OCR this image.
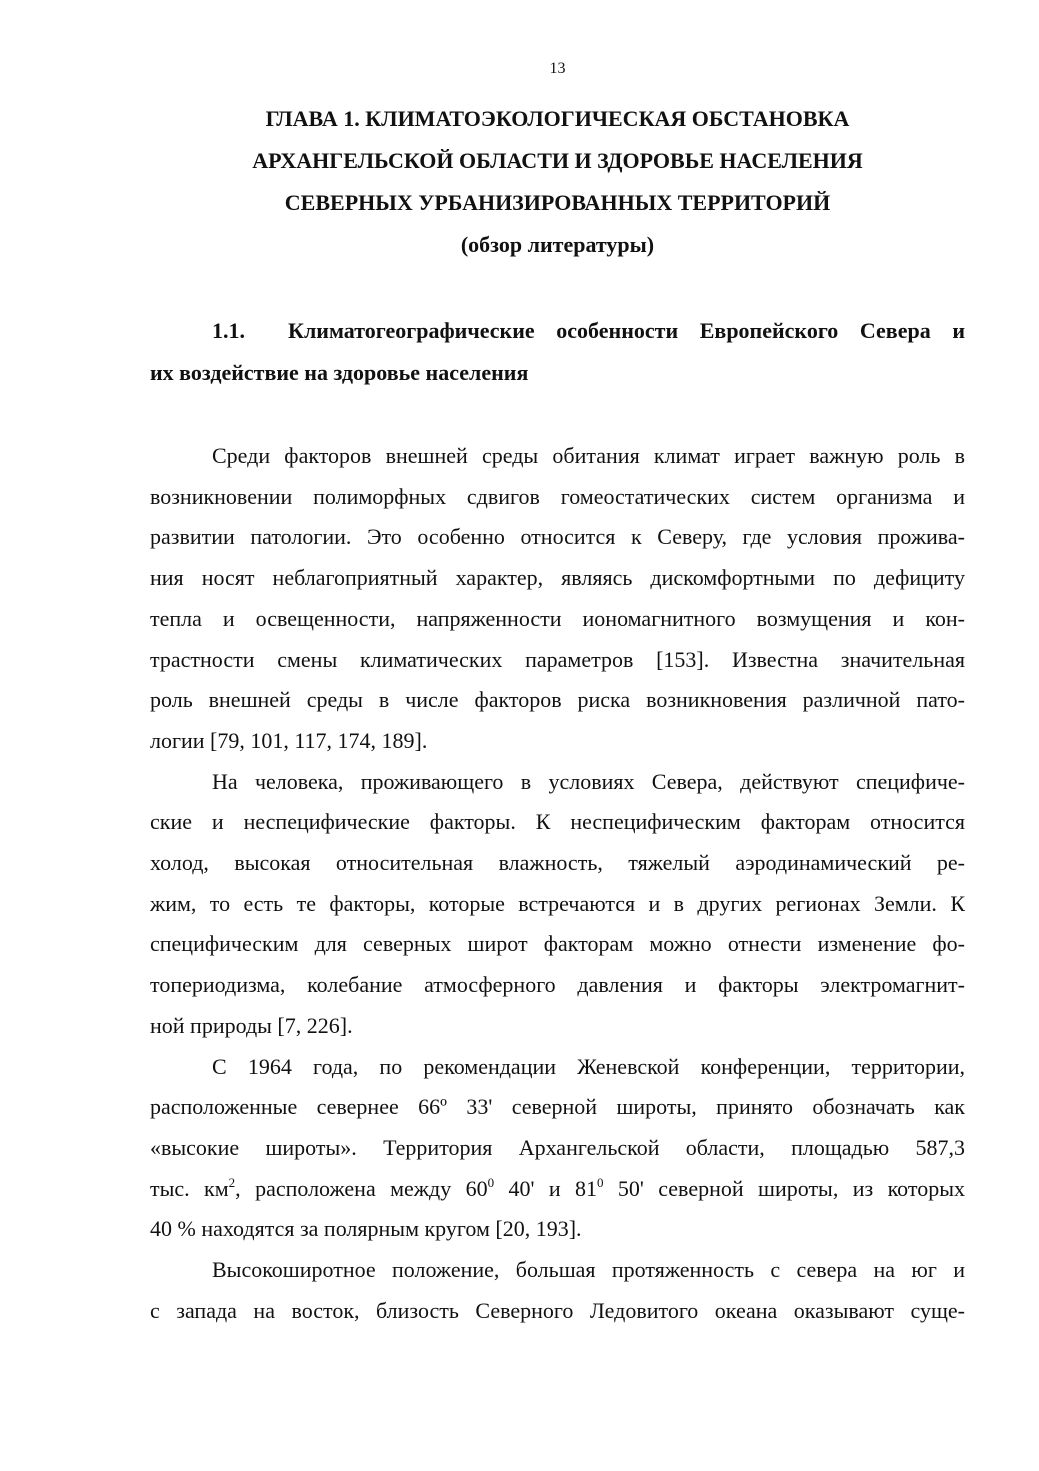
13
ГЛАВА 1. КЛИМАТОЭКОЛОГИЧЕСКАЯ ОБСТАНОВКА
АРХАНГЕЛЬСКОЙ ОБЛАСТИ И ЗДОРОВЬЕ НАСЕЛЕНИЯ
СЕВЕРНЫХ УРБАНИЗИРОВАННЫХ ТЕРРИТОРИЙ
(обзор литературы)
1.1.	Климатогеографические особенности Европейского Севера и
их воздействие на здоровье населения
Среди факторов внешней среды обитания климат играет важную роль в
возникновении полиморфных сдвигов гомеостатических систем организма и
развитии патологии. Это особенно относится к Северу, где условия прожива-
ния носят неблагоприятный характер, являясь дискомфортными по дефициту
тепла и освещенности, напряженности иономагнитного возмущения и кон-
трастности смены климатических параметров [153]. Известна значительная
роль внешней среды в числе факторов риска возникновения различной пато-
логии [79, 101, 117, 174, 189].
На человека, проживающего в условиях Севера, действуют специфиче-
ские и неспецифические факторы. К неспецифическим факторам относится
холод, высокая относительная влажность, тяжелый аэродинамический ре-
жим, то есть те факторы, которые встречаются и в других регионах Земли. К
специфическим для северных широт факторам можно отнести изменение фо-
топериодизма, колебание атмосферного давления и факторы электромагнит-
ной природы [7, 226].
С 1964 года, по рекомендации Женевской конференции, территории,
расположенные севернее 66º 33' северной широты, принято обозначать как
«высокие широты». Территория Архангельской области, площадью 587,3
тыс. $км^2$, расположена между $60^0$ 40' и $81^0$ 50' северной широты, из которых
40 % находятся за полярным кругом [20, 193].
Высокоширотное положение, большая протяженность с севера на юг и
с запада на восток, близость Северного Ледовитого океана оказывают суще-
